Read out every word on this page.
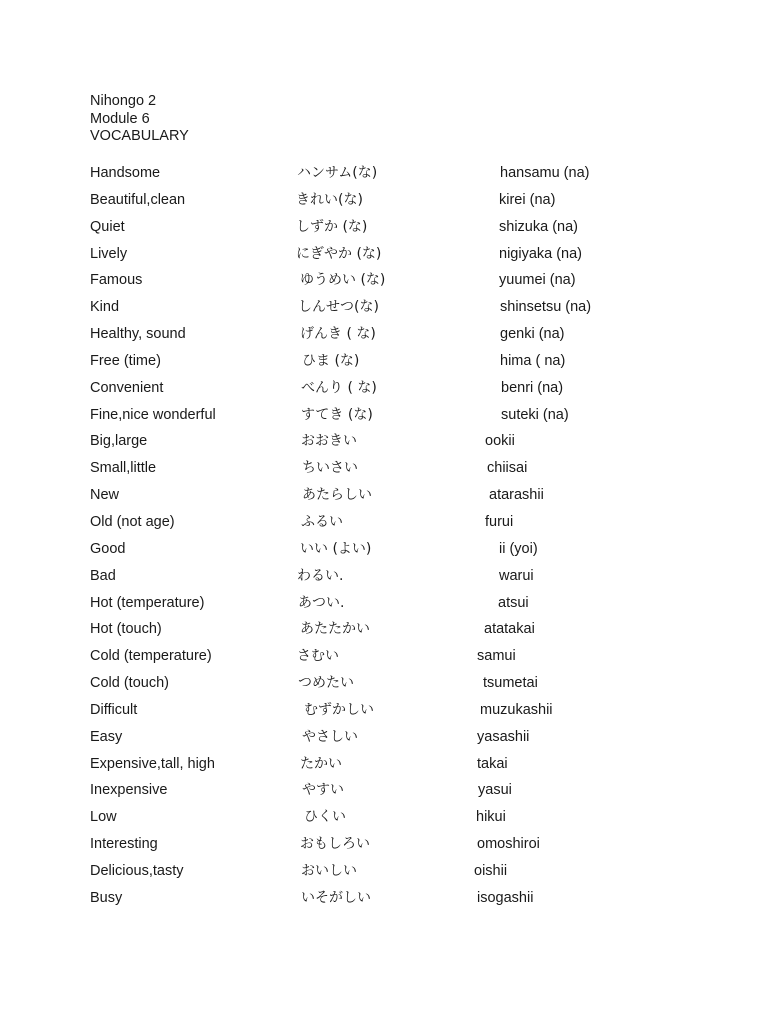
Nihongo 2
Module 6
VOCABULARY
Handsome	ハンサム(な)	hansamu (na)
Beautiful,clean	きれい(な)	kirei (na)
Quiet	しずか (な)	shizuka (na)
Lively	にぎやか (な)	nigiyaka (na)
Famous	ゆうめい (な)	yuumei (na)
Kind	しんせつ(な)	shinsetsu (na)
Healthy, sound	げんき ( な)	genki (na)
Free (time)	ひま (な)	hima ( na)
Convenient	べんり ( な)	benri (na)
Fine,nice wonderful	すてき (な)	suteki (na)
Big,large	おおきい	ookii
Small,little	ちいさい	chiisai
New	あたらしい	atarashii
Old (not age)	ふるい	furui
Good	いい (よい)	ii (yoi)
Bad	わるい.	warui
Hot (temperature)	あつい.	atsui
Hot (touch)	あたたかい	atatakai
Cold (temperature)	さむい	samui
Cold (touch)	つめたい	tsumetai
Difficult	むずかしい	muzukashii
Easy	やさしい	yasashii
Expensive,tall, high	たかい	takai
Inexpensive	やすい	yasui
Low	ひくい	hikui
Interesting	おもしろい	omoshiroi
Delicious,tasty	おいしい	oishii
Busy	いそがしい	isogashii
